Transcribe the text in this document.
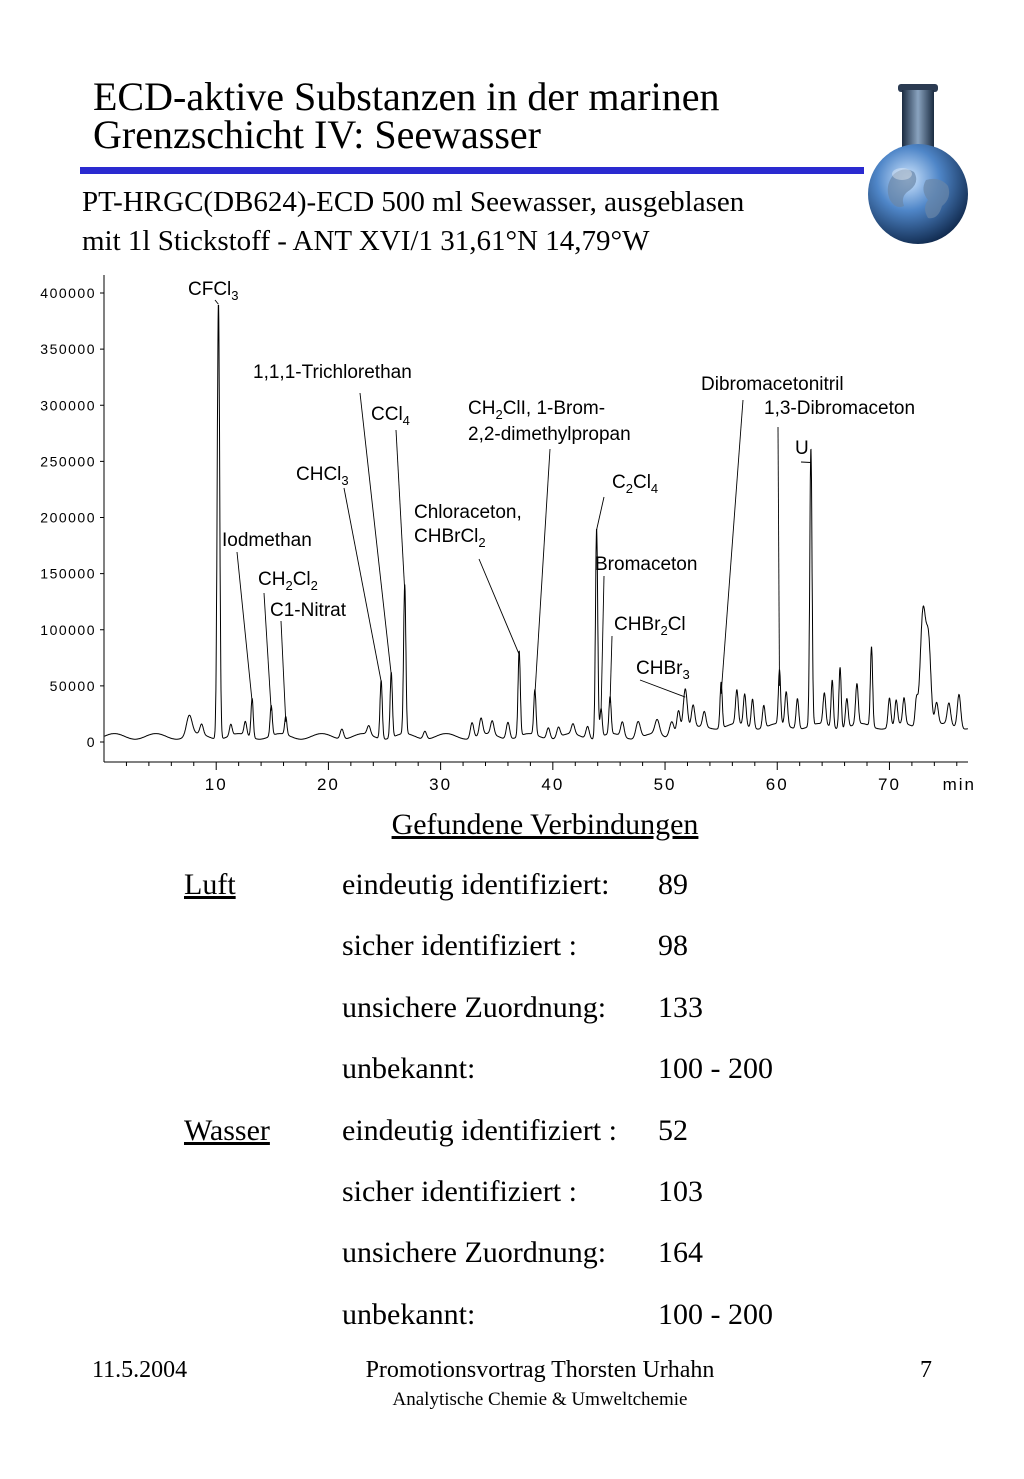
ECD-aktive Substanzen in der marinen
Grenzschicht IV: Seewasser
PT-HRGC(DB624)-ECD 500 ml Seewasser, ausgeblasen
mit 1l Stickstoff - ANT XVI/1 31,61°N 14,79°W
0
50000
100000
150000
200000
250000
300000
350000
400000
10	20	30	40	50	60	70 min
CFCl$_3$
Iodmethan
$CH_2Cl_2$
C1-Nitrat
1,1,1-Trichlorethan
CHCl$_3$
CCl$_4$
Chloraceton,
CHBrCl$_2$
$CH_2ClI$, 1-Brom-
2,2-dimethylpropan
$C_2Cl_4$
Bromaceton
CHBr$_2$Cl
CHBr$_3$
Dibromacetonitril
1,3-Dibromaceton
U
Gefundene Verbindungen
Luft	eindeutig identifiziert: 89
sicher identifiziert :	98
unsichere Zuordnung: 133
unbekannt:	100 - 200
Wasser eindeutig identifiziert : 52
sicher identifiziert :	103
unsichere Zuordnung: 164
unbekannt:	100 - 200
11.5.2004	Promotionsvortrag Thorsten Urhahn
Analytische Chemie & Umweltchemie
7
